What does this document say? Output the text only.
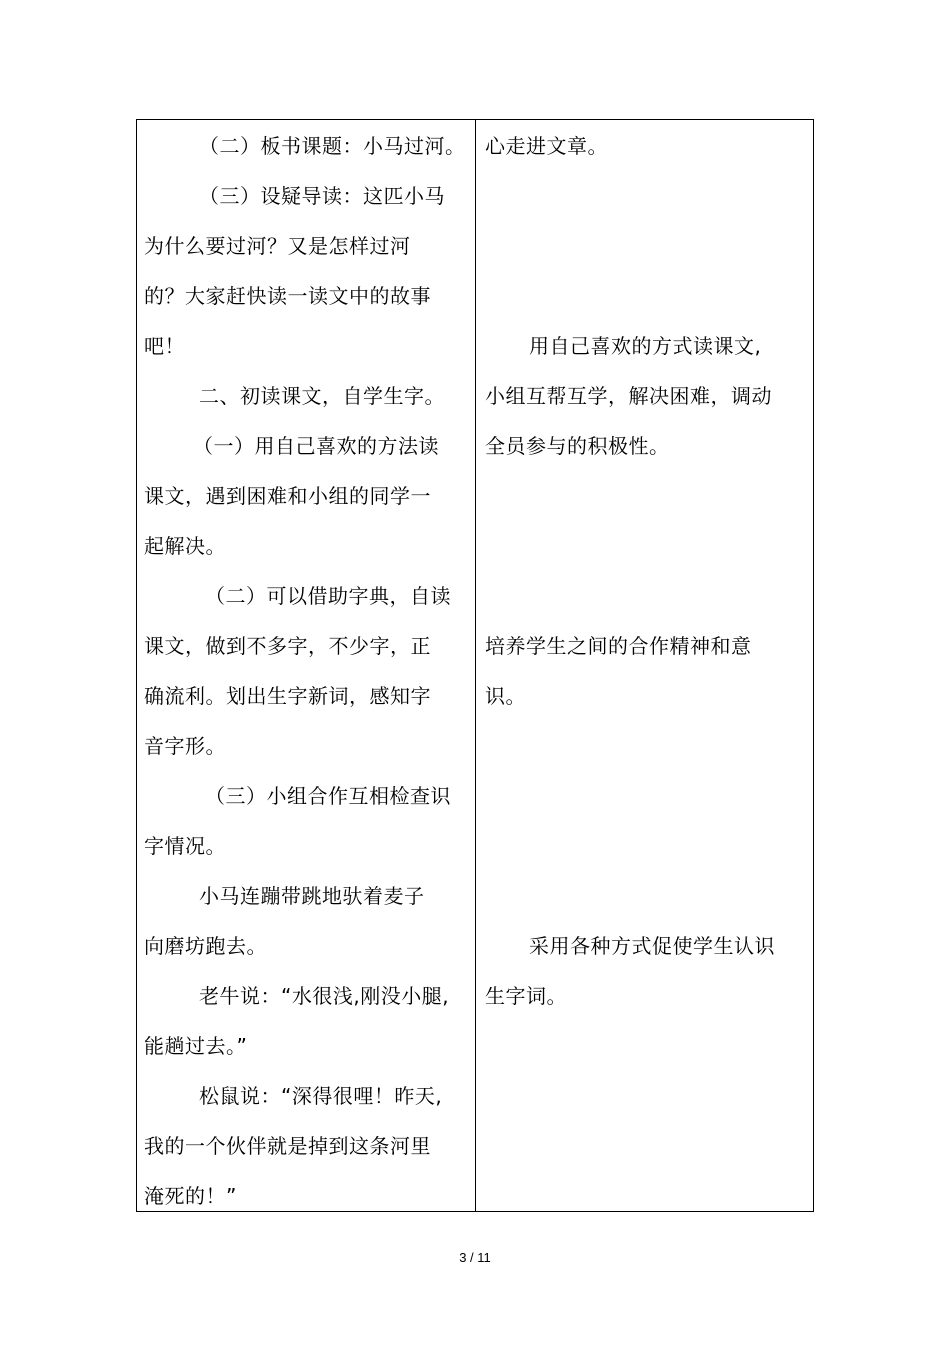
（二）板书课题：小马过河。
（三）设疑导读：这匹小马
为什么要过河？又是怎样过河
的？大家赶快读一读文中的故事
吧！
二、初读课文，自学生字。
（一）用自己喜欢的方法读
课文，遇到困难和小组的同学一
起解决。
（二）可以借助字典，自读
课文，做到不多字，不少字，正
确流利。划出生字新词，感知字
音字形。
（三）小组合作互相检查识
字情况。
小马连蹦带跳地驮着麦子
向磨坊跑去。
老牛说：“水很浅,刚没小腿,
能趟过去。”
松鼠说：“深得很哩！昨天,
我的一个伙伴就是掉到这条河里
淹死的！”
心走进文章。
用自己喜欢的方式读课文,
小组互帮互学，解决困难，调动
全员参与的积极性。
培养学生之间的合作精神和意
识。
采用各种方式促使学生认识
生字词。
3 / 11
